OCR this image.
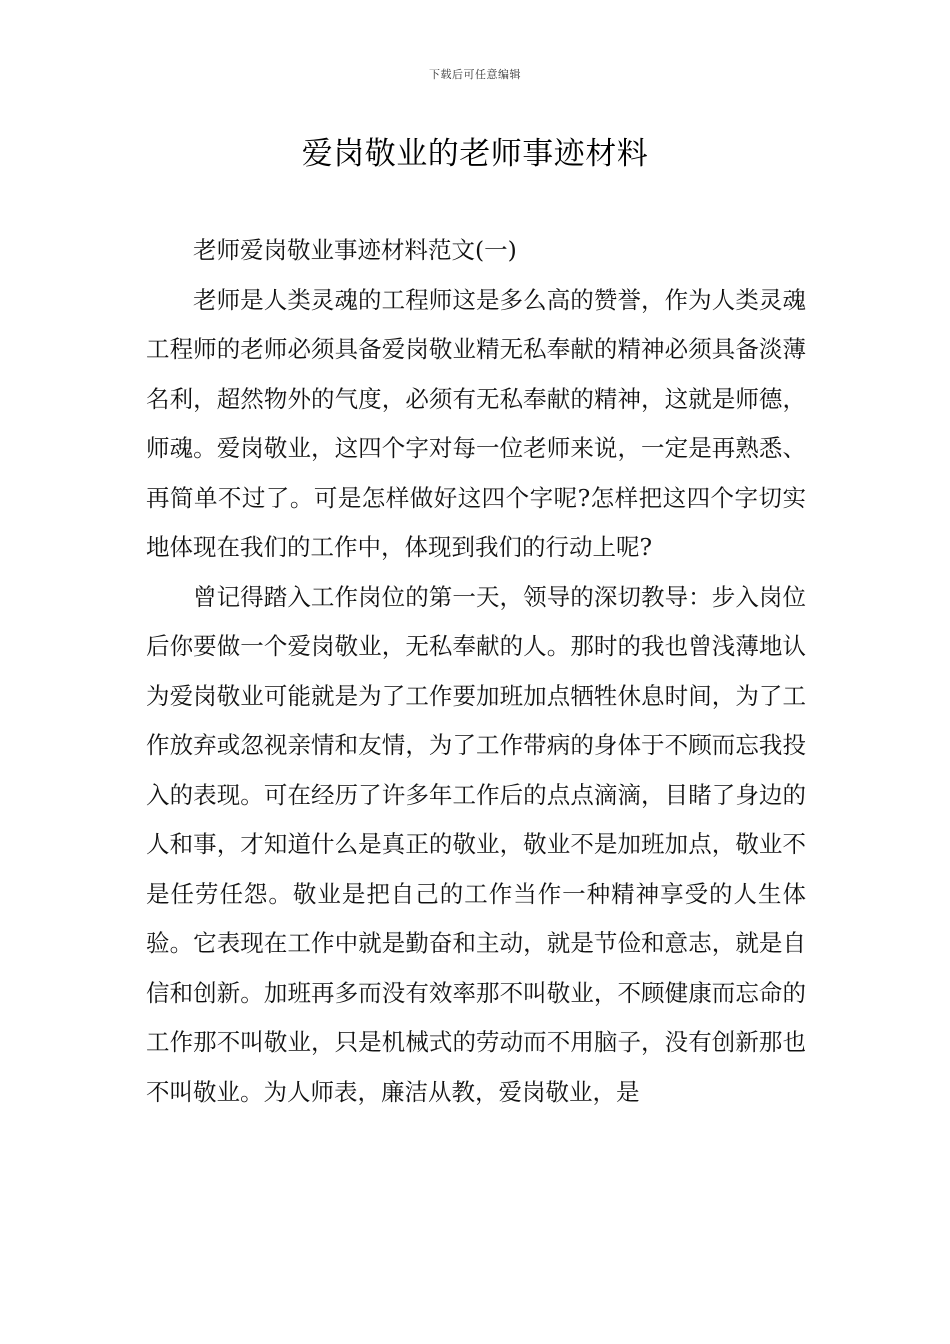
下载后可任意编辑
爱岗敬业的老师事迹材料

老师爱岗敬业事迹材料范文(一)

老师是人类灵魂的工程师这是多么高的赞誉，作为人类灵魂工程师的老师必须具备爱岗敬业精无私奉献的精神必须具备淡薄名利，超然物外的气度，必须有无私奉献的精神，这就是师德，师魂。爱岗敬业，这四个字对每一位老师来说，一定是再熟悉、再简单不过了。可是怎样做好这四个字呢?怎样把这四个字切实地体现在我们的工作中，体现到我们的行动上呢?

曾记得踏入工作岗位的第一天，领导的深切教导：步入岗位后你要做一个爱岗敬业，无私奉献的人。那时的我也曾浅薄地认为爱岗敬业可能就是为了工作要加班加点牺牲休息时间，为了工作放弃或忽视亲情和友情，为了工作带病的身体于不顾而忘我投入的表现。可在经历了许多年工作后的点点滴滴，目睹了身边的人和事，才知道什么是真正的敬业，敬业不是加班加点，敬业不是任劳任怨。敬业是把自己的工作当作一种精神享受的人生体验。它表现在工作中就是勤奋和主动，就是节俭和意志，就是自信和创新。加班再多而没有效率那不叫敬业，不顾健康而忘命的工作那不叫敬业，只是机械式的劳动而不用脑子，没有创新那也不叫敬业。为人师表，廉洁从教，爱岗敬业，是
